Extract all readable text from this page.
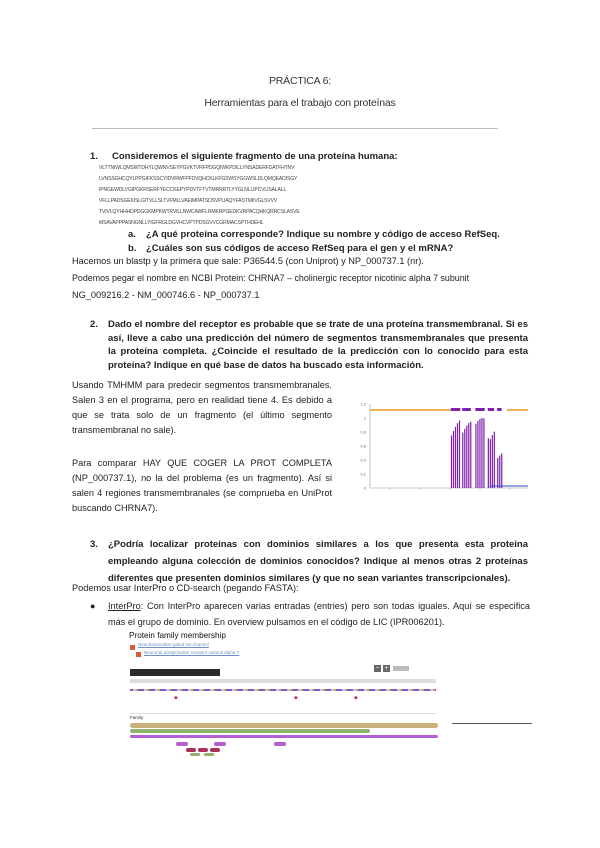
PRÁCTICA 6:
Herramientas para el trabajo con proteínas
1. Consideremos el siguiente fragmento de una proteína humana:
VLTTNIWLQMSWTDHYLQWNVSEYPGVKTVRFPDGQIWKPDILLYNSADERFDATFHTNV
LVNSSGHCQYLPPGIFKSSCYIDVRWFPFDVQHCKLKFGSWSYGGWSLDLQMQEADISGY
IPNGEWDLVGIPGKRSERFYECCKEPYPDVTFTVTMRRRTLYYGLNLLIPCVLISALALL
VFLLPADSGEKISLGITVLLSLTVFMLLVAEIMPATSDSVPLIAQYFASTMIIVGLSVVV
TVIVLQYHHHDPDGGKMPKWTRVILLNWCAWFLRMKRPGEDKVRPACQHKQRRCSLASVE
MSAVAPPPASNGNLLYIGFRGLDGVHCVPTPDSGVVCGRMACSPTHDEHL
a. ¿A qué proteína corresponde? Indique su nombre y código de acceso RefSeq.
b. ¿Cuáles son sus códigos de acceso RefSeq para el gen y el mRNA?
Hacemos un blastp y la primera que sale: P36544.5 (con Uniprot) y NP_000737.1 (nr).
Podemos pegar el nombre en NCBI Protein: CHRNA7 – cholinergic receptor nicotinic alpha 7 subunit
NG_009216.2 - NM_000746.6 - NP_000737.1
2. Dado el nombre del receptor es probable que se trate de una proteína transmembranal. Si es así, lleve a cabo una predicción del número de segmentos transmembranales que presenta la proteína completa. ¿Coincide el resultado de la predicción con lo conocido para esta proteína? Indique en qué base de datos ha buscado esta información.
Usando TMHMM para predecir segmentos transmembranales. Salen 3 en el programa, pero en realidad tiene 4. Es debido a que se trata solo de un fragmento (el último segmento transmembranal no sale).
Para comparar HAY QUE COGER LA PROT COMPLETA (NP_000737.1), no la del problema (es un fragmento). Así si salen 4 regiones transmembranales (se comprueba en UniProt buscando CHRNA7).
1.2
1
0.8
0.6
0.4
0.2
0
3. ¿Podría localizar proteínas con dominios similares a los que presenta esta proteína empleando alguna colección de dominios conocidos? Indique al menos otras 2 proteínas diferentes que presenten dominios similares (y que no sean variantes transcripcionales).
Podemos usar InterPro o CD-search (pegando FASTA):
● InterPro: Con InterPro aparecen varias entradas (entries) pero son todas iguales. Aquí se especifica más el grupo de dominio. En overview pulsamos en el código de LIC (IPR006201).
Protein family membership
Neurotransmitter-gated ion-channel
Neuronal acetylcholine receptor subunit alpha-7
− +
◆	◆	◆
Family
